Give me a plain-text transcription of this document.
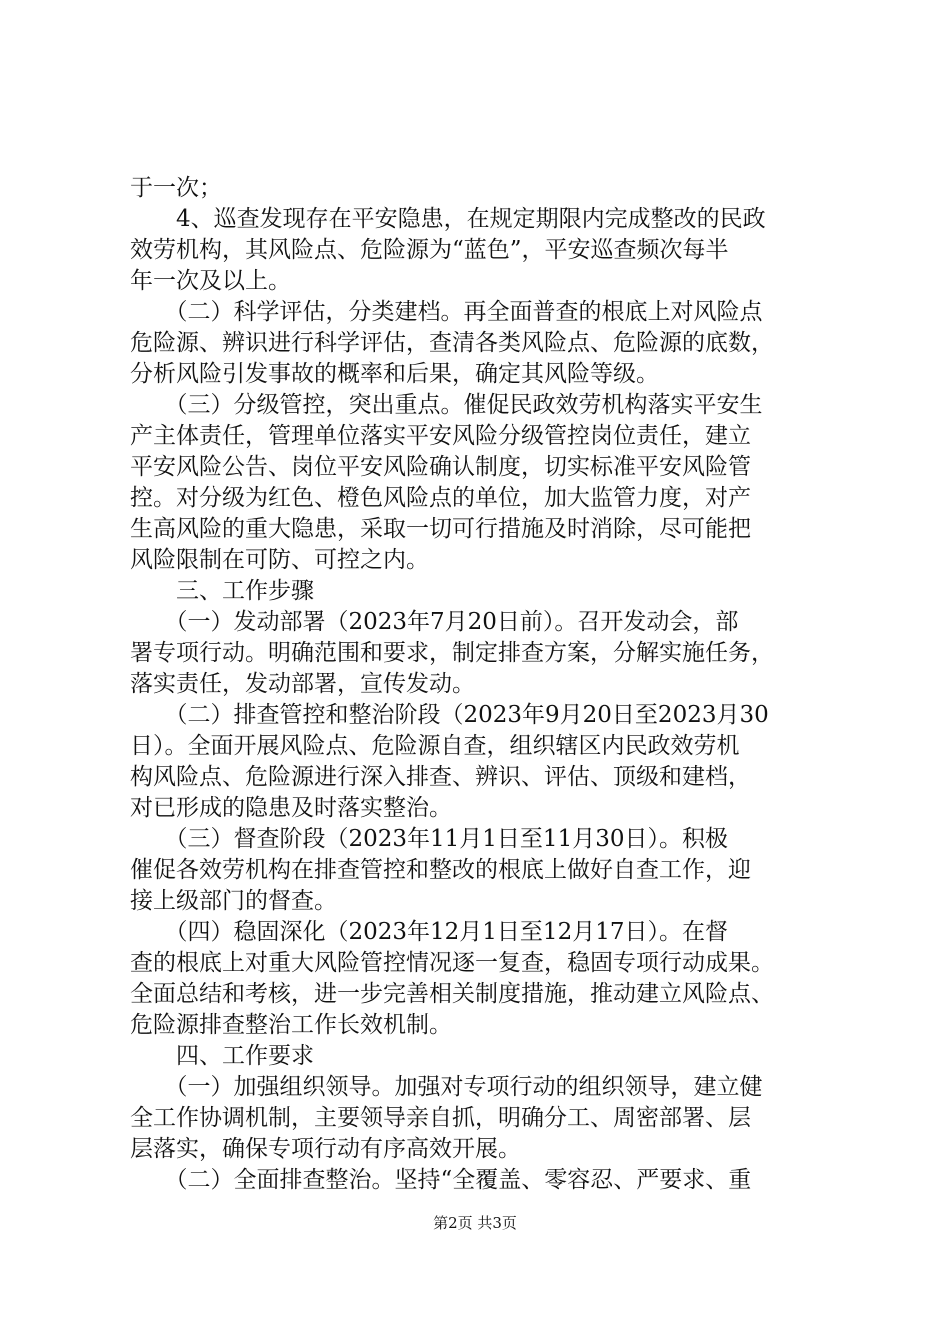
于一次；
　　4、巡查发现存在平安隐患，在规定期限内完成整改的民政
效劳机构，其风险点、危险源为“蓝色”，平安巡查频次每半
年一次及以上。
　　（二）科学评估，分类建档。再全面普查的根底上对风险点
危险源、辨识进行科学评估，查清各类风险点、危险源的底数，
分析风险引发事故的概率和后果，确定其风险等级。
　　（三）分级管控，突出重点。催促民政效劳机构落实平安生
产主体责任，管理单位落实平安风险分级管控岗位责任，建立
平安风险公告、岗位平安风险确认制度，切实标准平安风险管
控。对分级为红色、橙色风险点的单位，加大监管力度，对产
生高风险的重大隐患，采取一切可行措施及时消除，尽可能把
风险限制在可防、可控之内。
　　三、工作步骤
　　（一）发动部署（2023年7月20日前）。召开发动会，部
署专项行动。明确范围和要求，制定排查方案，分解实施任务，
落实责任，发动部署，宣传发动。
　　（二）排查管控和整治阶段（2023年9月20日至2023月30
日）。全面开展风险点、危险源自查，组织辖区内民政效劳机
构风险点、危险源进行深入排查、辨识、评估、顶级和建档，
对已形成的隐患及时落实整治。
　　（三）督查阶段（2023年11月1日至11月30日）。积极
催促各效劳机构在排查管控和整改的根底上做好自查工作，迎
接上级部门的督查。
　　（四）稳固深化（2023年12月1日至12月17日）。在督
查的根底上对重大风险管控情况逐一复查，稳固专项行动成果。
全面总结和考核，进一步完善相关制度措施，推动建立风险点、
危险源排查整治工作长效机制。
　　四、工作要求
　　（一）加强组织领导。加强对专项行动的组织领导，建立健
全工作协调机制，主要领导亲自抓，明确分工、周密部署、层
层落实，确保专项行动有序高效开展。
　　（二）全面排查整治。坚持“全覆盖、零容忍、严要求、重
第2页 共3页
